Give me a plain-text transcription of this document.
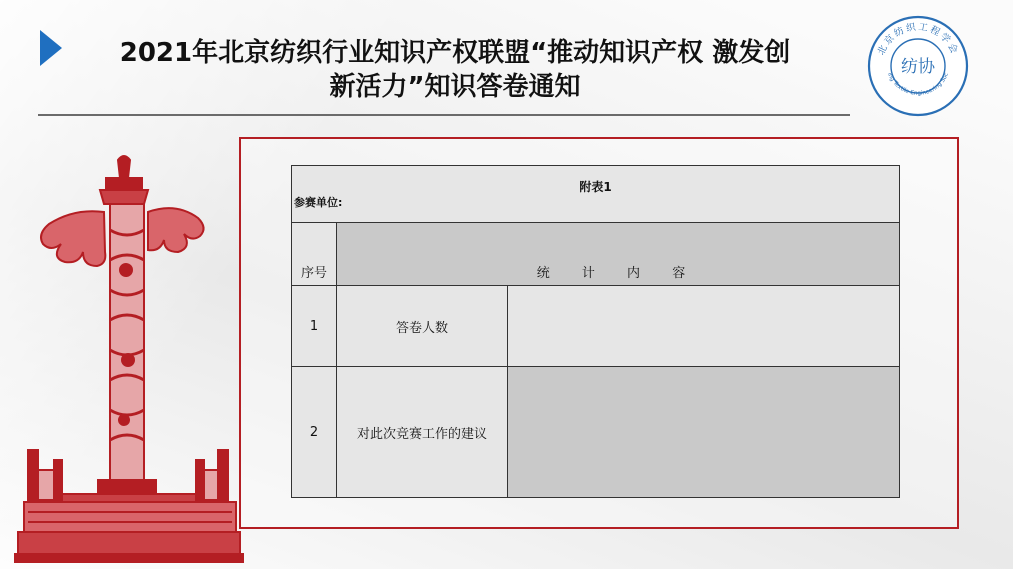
2021年北京纺织行业知识产权联盟“推动知识产权 激发创
新活力”知识答卷通知
北京纺织工程学会
ing Textile Engineering Soc
纺协
附表1
参赛单位:		

序号	统 计 内 容	

1	答卷人数	
2	对此次竞赛工作的建议	
